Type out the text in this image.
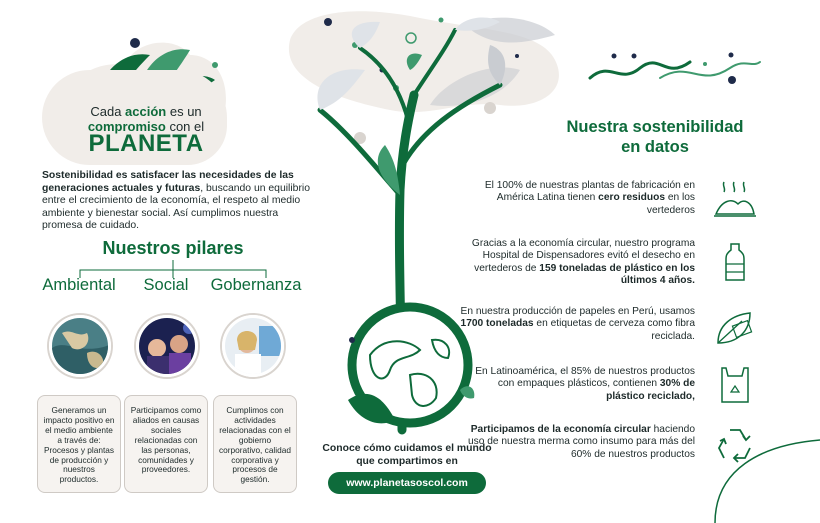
Cada acción es un
compromiso con el
PLANETA
Sostenibilidad es satisfacer las necesidades de las generaciones actuales y futuras, buscando un equilibrio entre el crecimiento de la economía, el respeto al medio ambiente y bienestar social. Así cumplimos nuestra promesa de cuidado.
Nuestros pilares
Ambiental
Generamos un impacto positivo en el medio ambiente a través de: Procesos y plantas de producción y nuestros productos.
Social
Participamos como aliados en causas sociales relacionadas con las personas, comunidades y proveedores.
Gobernanza
Cumplimos con actividades relacionadas con el gobierno corporativo, calidad corporativa y procesos de gestión.
Conoce cómo cuidamos el mundo que compartimos en
www.planetasoscol.com
Nuestra sostenibilidad
en datos
El 100% de nuestras plantas de fabricación en América Latina tienen cero residuos en los vertederos
Gracias a la economía circular, nuestro programa Hospital de Dispensadores evitó el desecho en vertederos de 159 toneladas de plástico en los últimos 4 años.
En nuestra producción de papeles en Perú, usamos 1700 toneladas en etiquetas de cerveza como fibra reciclada.
En Latinoamérica, el 85% de nuestros productos con empaques plásticos, contienen 30% de plástico reciclado,
Participamos de la economía circular haciendo uso de nuestra merma como insumo para más del 60% de nuestros productos
